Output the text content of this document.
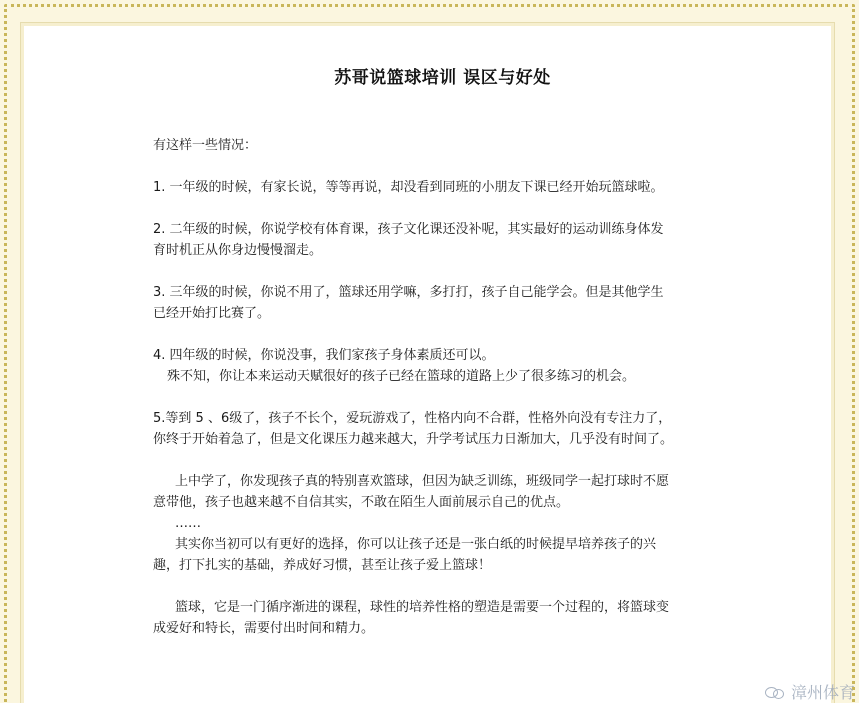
苏哥说篮球培训 误区与好处

有这样一些情况：

1. 一年级的时候，有家长说，等等再说，却没看到同班的小朋友下课已经开始玩篮球啦。

2. 二年级的时候，你说学校有体育课，孩子文化课还没补呢，其实最好的运动训练身体发

育时机正从你身边慢慢溜走。

3. 三年级的时候，你说不用了，篮球还用学嘛，多打打，孩子自己能学会。但是其他学生

已经开始打比赛了。

4. 四年级的时候，你说没事，我们家孩子身体素质还可以。

殊不知，你让本来运动天赋很好的孩子已经在篮球的道路上少了很多练习的机会。

5.等到 5 、6级了，孩子不长个，爱玩游戏了，性格内向不合群，性格外向没有专注力了，

你终于开始着急了，但是文化课压力越来越大，升学考试压力日渐加大，几乎没有时间了。

上中学了，你发现孩子真的特别喜欢篮球，但因为缺乏训练，班级同学一起打球时不愿

意带他，孩子也越来越不自信其实，不敢在陌生人面前展示自己的优点。

……

其实你当初可以有更好的选择，你可以让孩子还是一张白纸的时候提早培养孩子的兴

趣，打下扎实的基础，养成好习惯，甚至让孩子爱上篮球！

篮球，它是一门循序渐进的课程，球性的培养性格的塑造是需要一个过程的，将篮球变

成爱好和特长，需要付出时间和精力。

漳州体育
